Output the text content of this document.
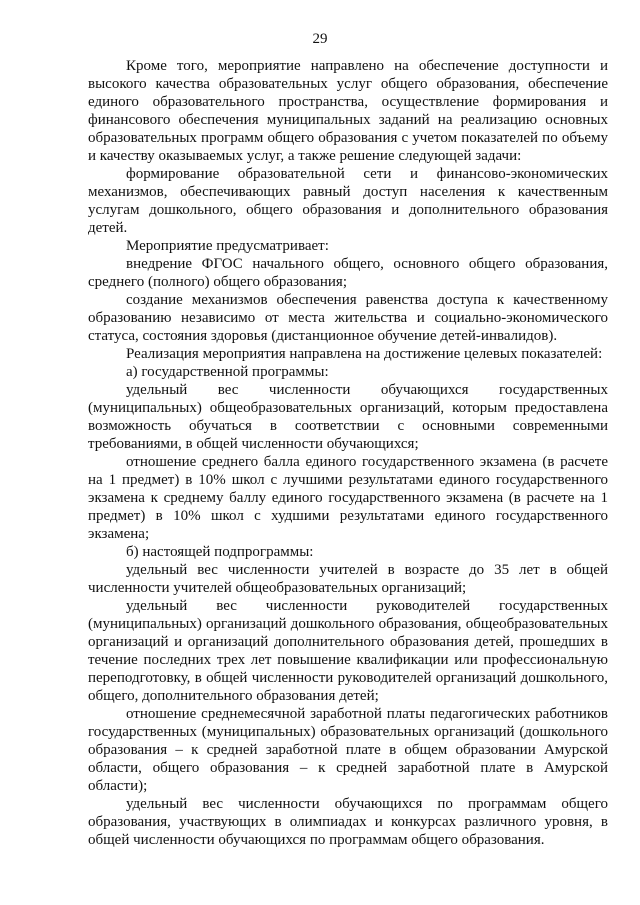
29

Кроме того, мероприятие направлено на обеспечение доступности и высокого качества образовательных услуг общего образования, обеспечение единого образовательного пространства, осуществление формирования и финансового обеспечения муниципальных заданий на реализацию основных образовательных программ общего образования с учетом показателей по объему и качеству оказываемых услуг, а также решение следующей задачи:

формирование образовательной сети и финансово-экономических механизмов, обеспечивающих равный доступ населения к качественным услугам дошкольного, общего образования и дополнительного образования детей.

Мероприятие предусматривает:

внедрение ФГОС начального общего, основного общего образования, среднего (полного) общего образования;

создание механизмов обеспечения равенства доступа к качественному образованию независимо от места жительства и социально-экономического статуса, состояния здоровья (дистанционное обучение детей-инвалидов).

Реализация мероприятия направлена на достижение целевых показателей:

а) государственной программы:

удельный вес численности обучающихся государственных (муниципальных) общеобразовательных организаций, которым предоставлена возможность обучаться в соответствии с основными современными требованиями, в общей численности обучающихся;

отношение среднего балла единого государственного экзамена (в расчете на 1 предмет) в 10% школ с лучшими результатами единого государственного экзамена к среднему баллу единого государственного экзамена (в расчете на 1 предмет) в 10% школ с худшими результатами единого государственного экзамена;

б) настоящей подпрограммы:

удельный вес численности учителей в возрасте до 35 лет в общей численности учителей общеобразовательных организаций;

удельный вес численности руководителей государственных (муниципальных) организаций дошкольного образования, общеобразовательных организаций и организаций дополнительного образования детей, прошедших в течение последних трех лет повышение квалификации или профессиональную переподготовку, в общей численности руководителей организаций дошкольного, общего, дополнительного образования детей;

отношение среднемесячной заработной платы педагогических работников государственных (муниципальных) образовательных организаций (дошкольного образования – к средней заработной плате в общем образовании Амурской области, общего образования – к средней заработной плате в Амурской области);

удельный вес численности обучающихся по программам общего образования, участвующих в олимпиадах и конкурсах различного уровня, в общей численности обучающихся по программам общего образования.
